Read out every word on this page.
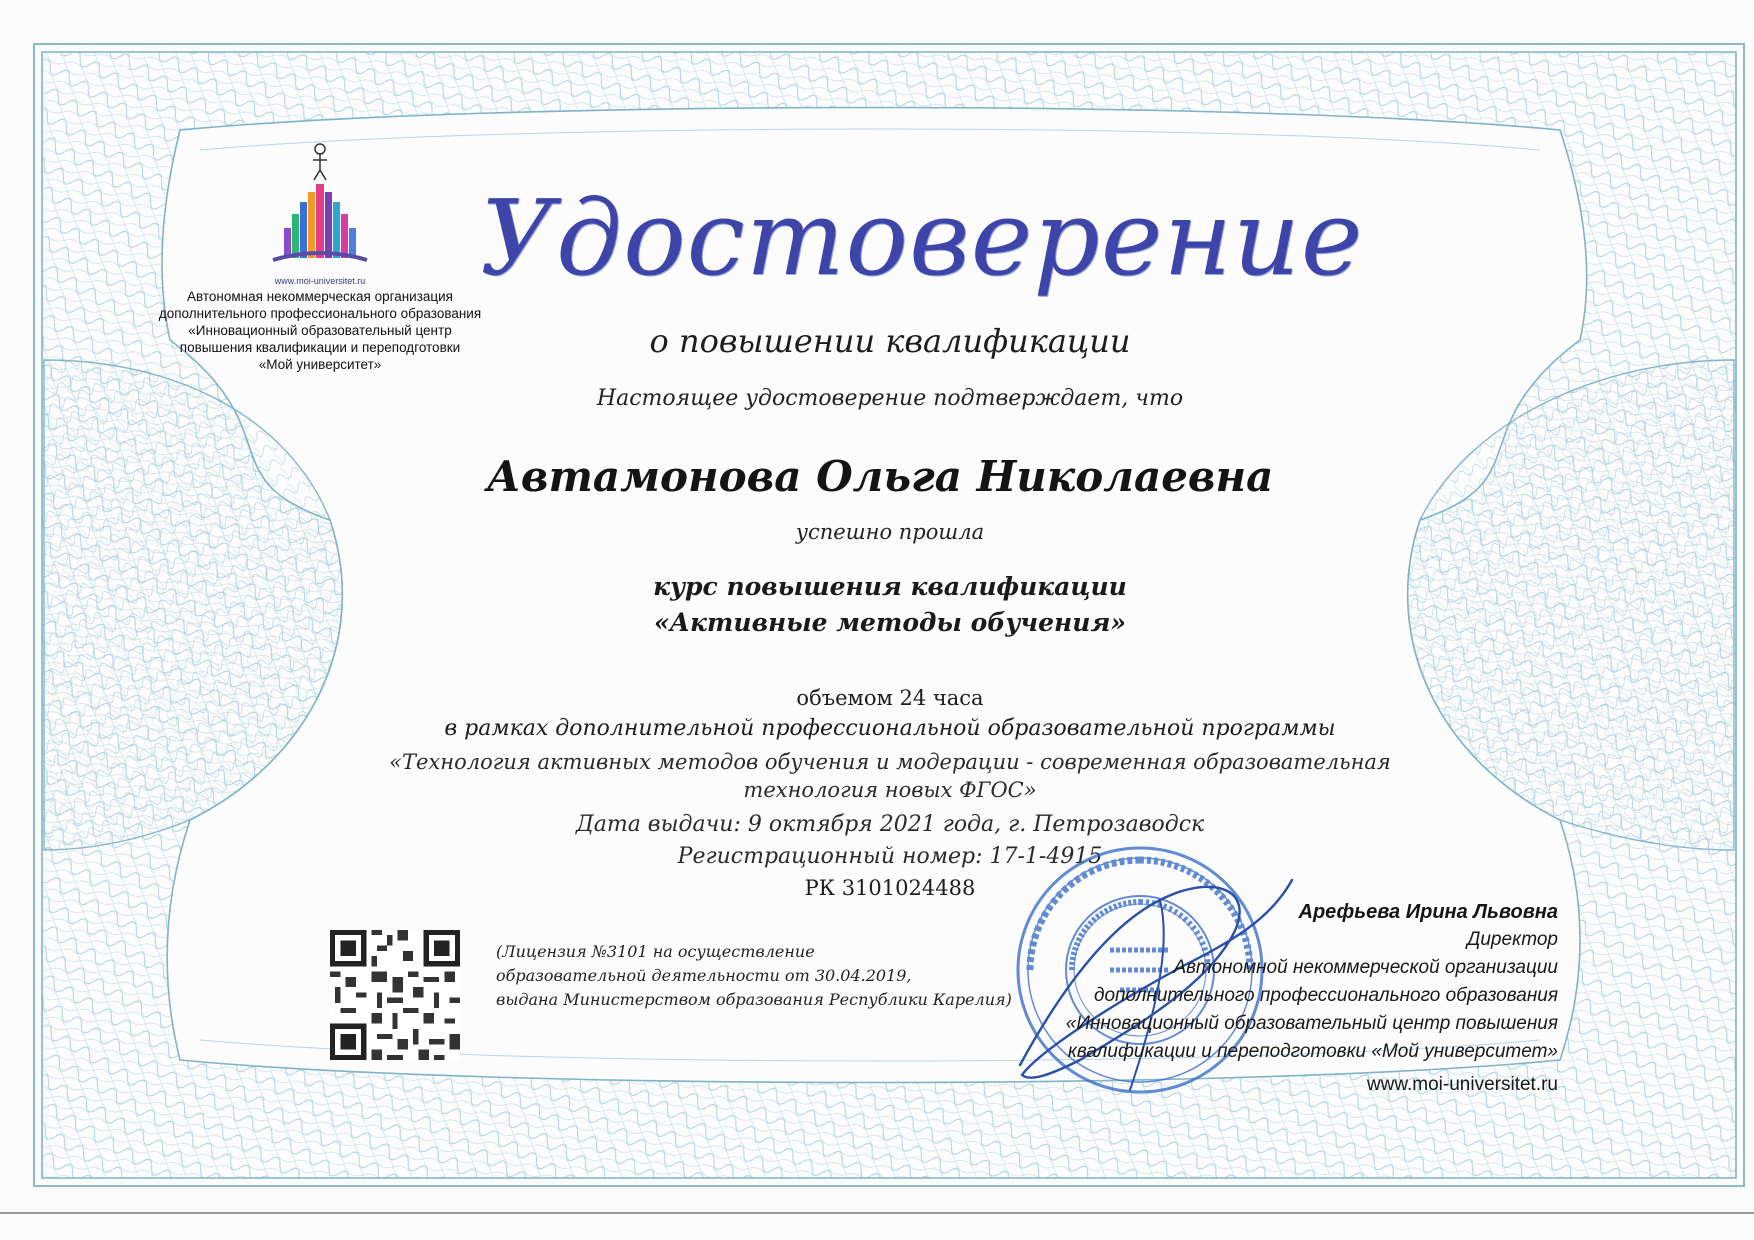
www.moi-universitet.ru
Автономная некоммерческая организация
дополнительного профессионального образования
«Инновационный образовательный центр
повышения квалификации и переподготовки
«Мой университет»
Удостоверение
о повышении квалификации
Настоящее удостоверение подтверждает, что
Автамонова Ольга Николаевна
успешно прошла
курс повышения квалификации
«Активные методы обучения»
объемом 24 часа
в рамках дополнительной профессиональной образовательной программы
«Технология активных методов обучения и модерации - современная образовательная
технология новых ФГОС»
Дата выдачи: 9 октября 2021 года, г. Петрозаводск
Регистрационный номер: 17-1-4915
РК 3101024488
(Лицензия №3101 на осуществление
образовательной деятельности от 30.04.2019,
выдана Министерством образования Республики Карелия)
Арефьева Ирина Львовна
Директор
Автономной некоммерческой организации
дополнительного профессионального образования
«Инновационный образовательный центр повышения
квалификации и переподготовки «Мой университет»
www.moi-universitet.ru
